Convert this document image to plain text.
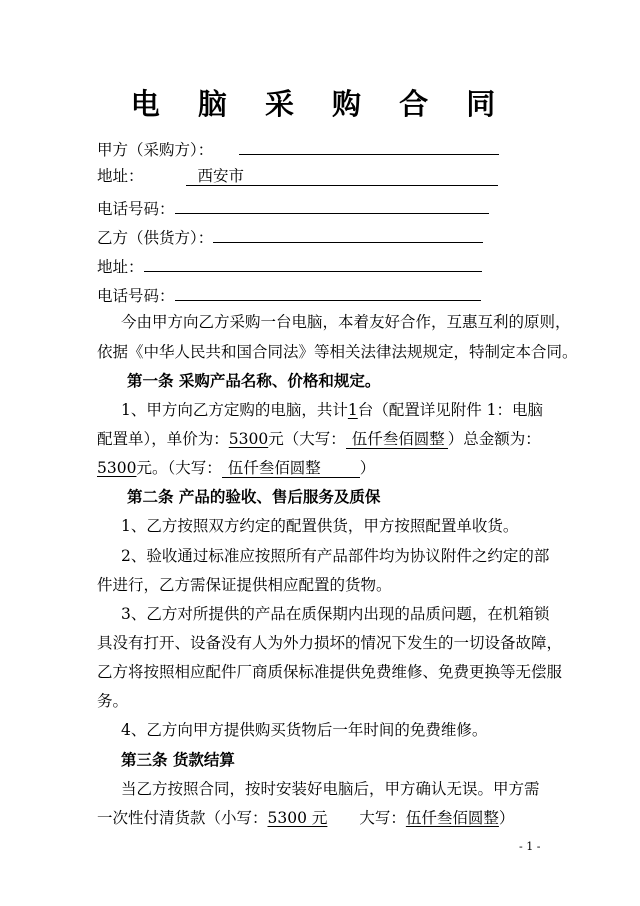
电 脑 采 购 合 同
甲方（采购方）：
地址：	西安市
电话号码：
乙方（供货方）：
地址：
电话号码：
今由甲方向乙方采购一台电脑，本着友好合作，互惠互利的原则，
依据《中华人民共和国合同法》等相关法律法规规定，特制定本合同。
第一条 采购产品名称、价格和规定。
1、甲方向乙方定购的电脑，共计1台（配置详见附件 1：电脑
配置单），单价为：5300元（大写： 伍仟叁佰圆整 ）总金额为：
5300元。（大写： 伍仟叁佰圆整	）
第二条 产品的验收、售后服务及质保
1、乙方按照双方约定的配置供货，甲方按照配置单收货。
2、验收通过标准应按照所有产品部件均为协议附件之约定的部
件进行，乙方需保证提供相应配置的货物。
3、乙方对所提供的产品在质保期内出现的品质问题，在机箱锁
具没有打开、设备没有人为外力损坏的情况下发生的一切设备故障，
乙方将按照相应配件厂商质保标准提供免费维修、免费更换等无偿服
务。
4、乙方向甲方提供购买货物后一年时间的免费维修。
第三条 货款结算
当乙方按照合同，按时安装好电脑后，甲方确认无误。甲方需
一次性付清货款（小写：5300 元 大写：伍仟叁佰圆整）
- 1 -
